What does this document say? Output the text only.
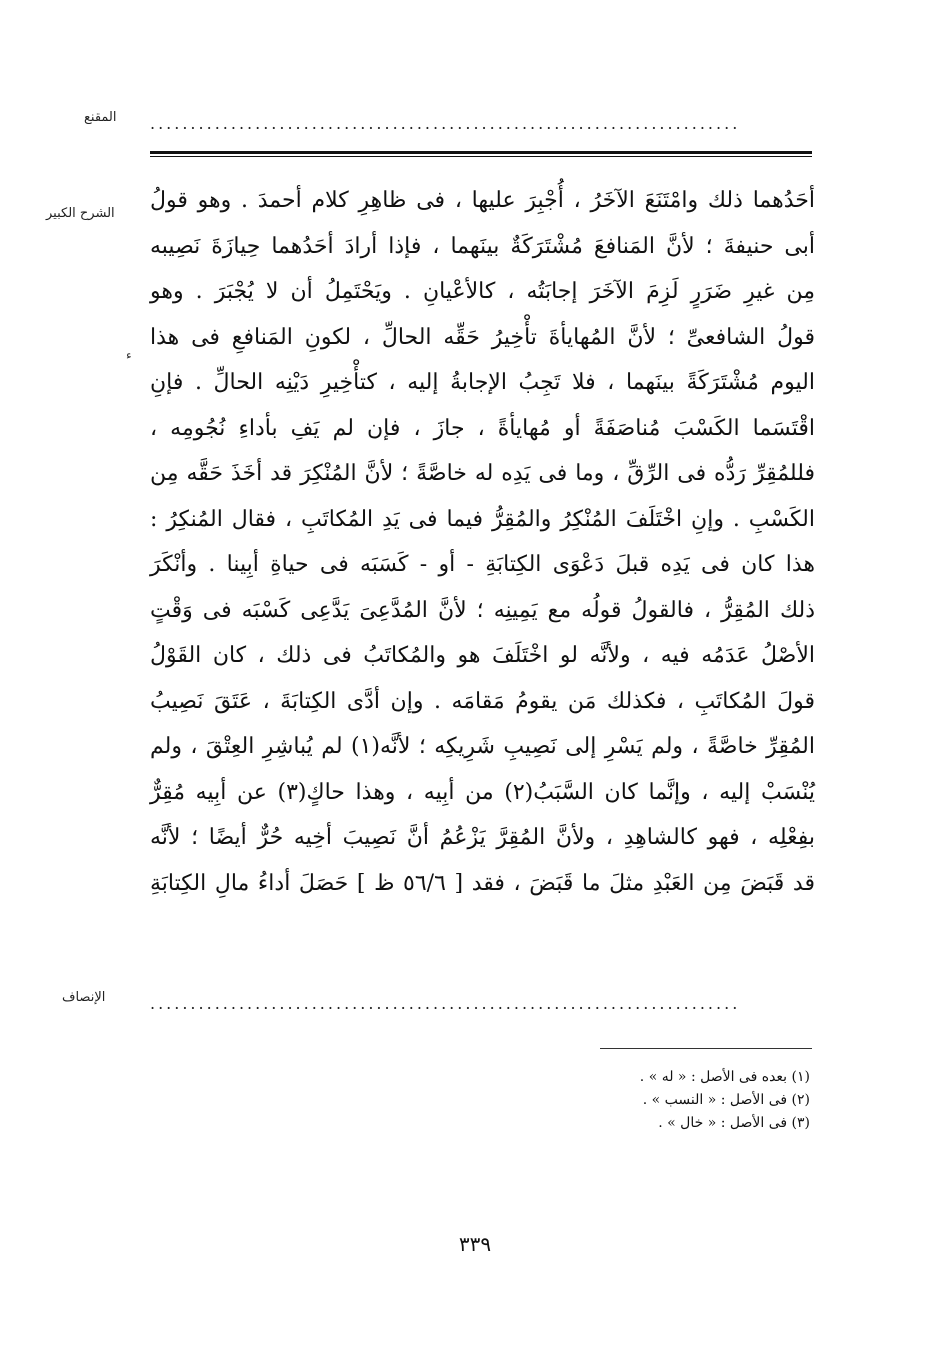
المقنع .........................................................................
الشرح الكبير
ء
أحَدُهما ذلك وامْتَنَعَ الآخَرُ ، أُجْبِرَ عليها ، فى ظاهِرِ كلام أحمدَ . وهو قولُ
أبى حنيفةَ ؛ لأنَّ المَنافعَ مُشْتَرَكَةٌ بينَهما ، فإذا أرادَ أحَدُهما حِيازَةَ نَصِيبه
مِن غيرِ ضَرَرٍ لَزِمَ الآخَرَ إجابَتُه ، كالأعْيانِ . ويَحْتَمِلُ أن لا يُجْبَرَ . وهو
قولُ الشافعىِّ ؛ لأنَّ المُهايأةَ تأْخِيرُ حَقِّه الحالِّ ، لكونِ المَنافعِ فى هذا
اليوم مُشْتَرَكَةً بينَهما ، فلا تَجِبُ الإجابةُ إليه ، كتأْخِيرِ دَيْنِه الحالِّ . فإنِ
اقْتَسَما الكَسْبَ مُناصَفَةً أو مُهايأةً ، جازَ ، فإن لم يَفِ بأداءِ نُجُومِه ،
فللمُقِرِّ رَدُّه فى الرِّقِّ ، وما فى يَدِه له خاصَّةً ؛ لأنَّ المُنْكِرَ قد أخَذَ حَقَّه مِن
الكَسْبِ . وإنِ اخْتَلَفَ المُنْكِرُ والمُقِرُّ فيما فى يَدِ المُكاتَبِ ، فقال المُنكِرُ :
هذا كان فى يَدِه قبلَ دَعْوَى الكِتابَةِ - أو - كَسَبَه فى حياةِ أبِينا . وأنْكَرَ
ذلك المُقِرُّ ، فالقولُ قولُه مع يَمِينِه ؛ لأنَّ المُدَّعِىَ يَدَّعِى كَسْبَه فى وَقْتٍ
الأصْلُ عَدَمُه فيه ، ولأنَّه لو اخْتَلَفَ هو والمُكاتَبُ فى ذلك ، كان القَوْلُ
قولَ المُكاتَبِ ، فكذلك مَن يقومُ مَقامَه . وإن أدَّى الكِتابَةَ ، عَتَقَ نَصِيبُ
المُقِرِّ خاصَّةً ، ولم يَسْرِ إلى نَصِيبِ شَرِيكِه ؛ لأنَّه(١) لم يُباشِرِ العِتْقَ ، ولم
يُنْسَبْ إليه ، وإنَّما كان السَّبَبُ(٢) من أبِيه ، وهذا حاكٍ(٣) عن أبِيه مُقِرٌّ
بفِعْلِه ، فهو كالشاهِدِ ، ولأنَّ المُقِرَّ يَزْعُمُ أنَّ نَصِيبَ أخِيه حُرٌّ أيضًا ؛ لأنَّه
قد قَبَضَ مِن العَبْدِ مثلَ ما قَبَضَ ، فقد [ ٥٦/٦ ظ ] حَصَلَ أداءُ مالِ الكِتابَةِ
الإنصاف	.........................................................................
(١) بعده فى الأصل : « له » .
(٢) فى الأصل : « النسب » .
(٣) فى الأصل : « خال » .
٣٣٩
